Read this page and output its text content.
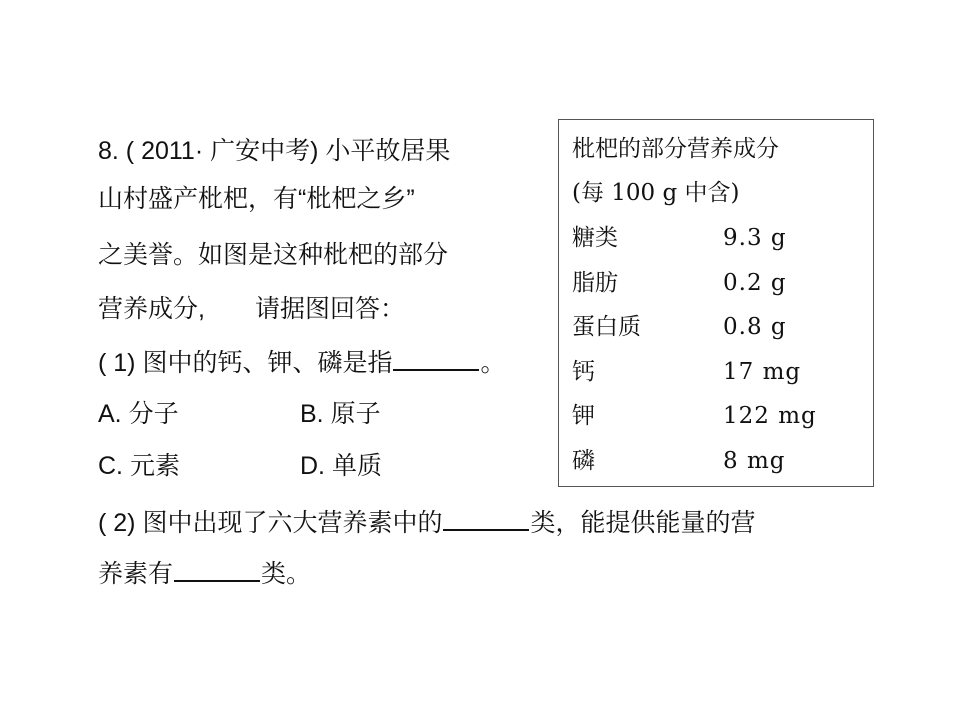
8. ( 2011· 广安中考) 小平故居果
山村盛产枇杷，有“枇杷之乡”
之美誉。如图是这种枇杷的部分
营养成分,　　请据图回答：
( 1) 图中的钙、钾、磷是指	。
A. 分子	B. 原子
C. 元素	D. 单质
( 2) 图中出现了六大营养素中的	类，能提供能量的营
养素有	类。
枇杷的部分营养成分
(每 100 g 中含)
糖类	9.3 g
脂肪	0.2 g
蛋白质	0.8 g
钙	17 mg
钾	122 mg
磷	8 mg
